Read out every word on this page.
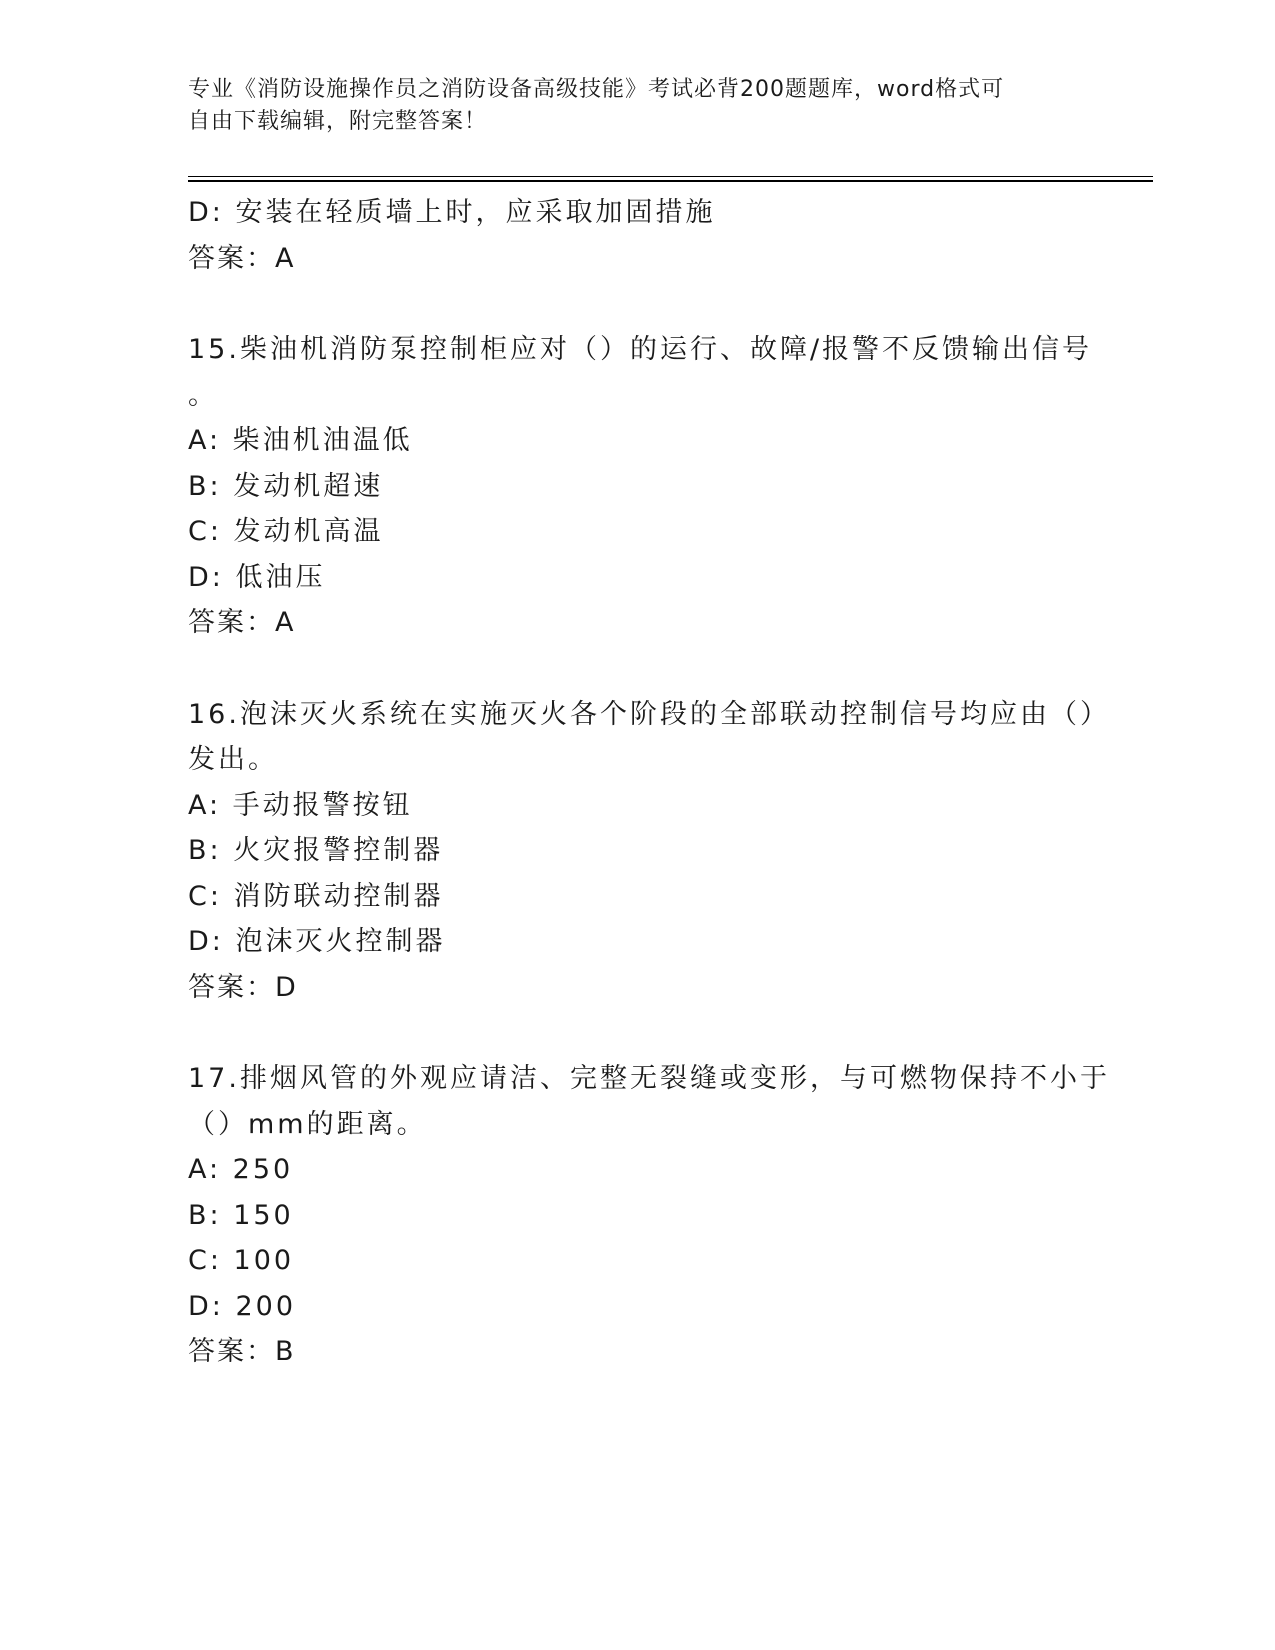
专业《消防设施操作员之消防设备高级技能》考试必背200题题库，word格式可
自由下载编辑，附完整答案！
D: 安装在轻质墙上时，应采取加固措施
答案：A
15.柴油机消防泵控制柜应对（）的运行、故障/报警不反馈输出信号
。
A: 柴油机油温低
B: 发动机超速
C: 发动机高温
D: 低油压
答案：A
16.泡沫灭火系统在实施灭火各个阶段的全部联动控制信号均应由（）
发出。
A: 手动报警按钮
B: 火灾报警控制器
C: 消防联动控制器
D: 泡沫灭火控制器
答案：D
17.排烟风管的外观应请洁、完整无裂缝或变形，与可燃物保持不小于
（）mm的距离。
A: 250
B: 150
C: 100
D: 200
答案：B
